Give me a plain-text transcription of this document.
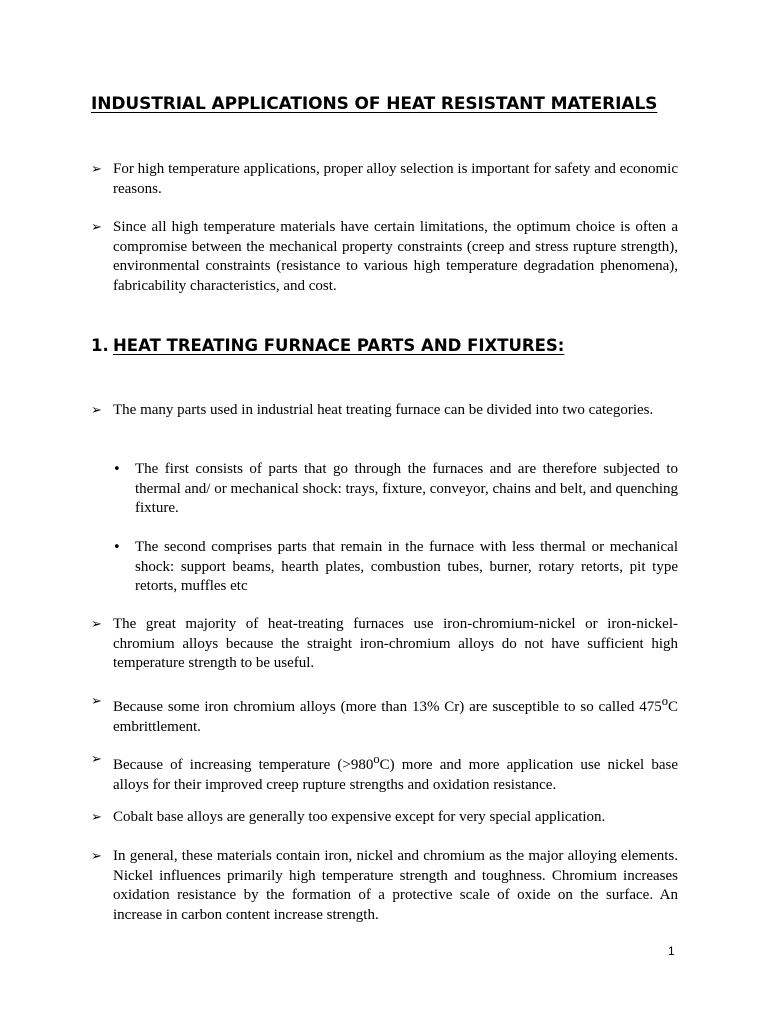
INDUSTRIAL APPLICATIONS OF HEAT RESISTANT MATERIALS
➢ For high temperature applications, proper alloy selection is important for safety and economic reasons.
➢ Since all high temperature materials have certain limitations, the optimum choice is often a compromise between the mechanical property constraints (creep and stress rupture strength), environmental constraints (resistance to various high temperature degradation phenomena), fabricability characteristics, and cost.
1. HEAT TREATING FURNACE PARTS AND FIXTURES:
➢ The many parts used in industrial heat treating furnace can be divided into two categories.
• The first consists of parts that go through the furnaces and are therefore subjected to thermal and/ or mechanical shock: trays, fixture, conveyor, chains and belt, and quenching fixture.
• The second comprises parts that remain in the furnace with less thermal or mechanical shock: support beams, hearth plates, combustion tubes, burner, rotary retorts, pit type retorts, muffles etc
➢ The great majority of heat-treating furnaces use iron-chromium-nickel or iron-nickel-chromium alloys because the straight iron-chromium alloys do not have sufficient high temperature strength to be useful.
➢ Because some iron chromium alloys (more than 13% Cr) are susceptible to so called 475$^o$C embrittlement.
➢ Because of increasing temperature $(>980^oC)$ more and more application use nickel base alloys for their improved creep rupture strengths and oxidation resistance.
➢ Cobalt base alloys are generally too expensive except for very special application.
➢ In general, these materials contain iron, nickel and chromium as the major alloying elements. Nickel influences primarily high temperature strength and toughness. Chromium increases oxidation resistance by the formation of a protective scale of oxide on the surface. An increase in carbon content increase strength.
1
